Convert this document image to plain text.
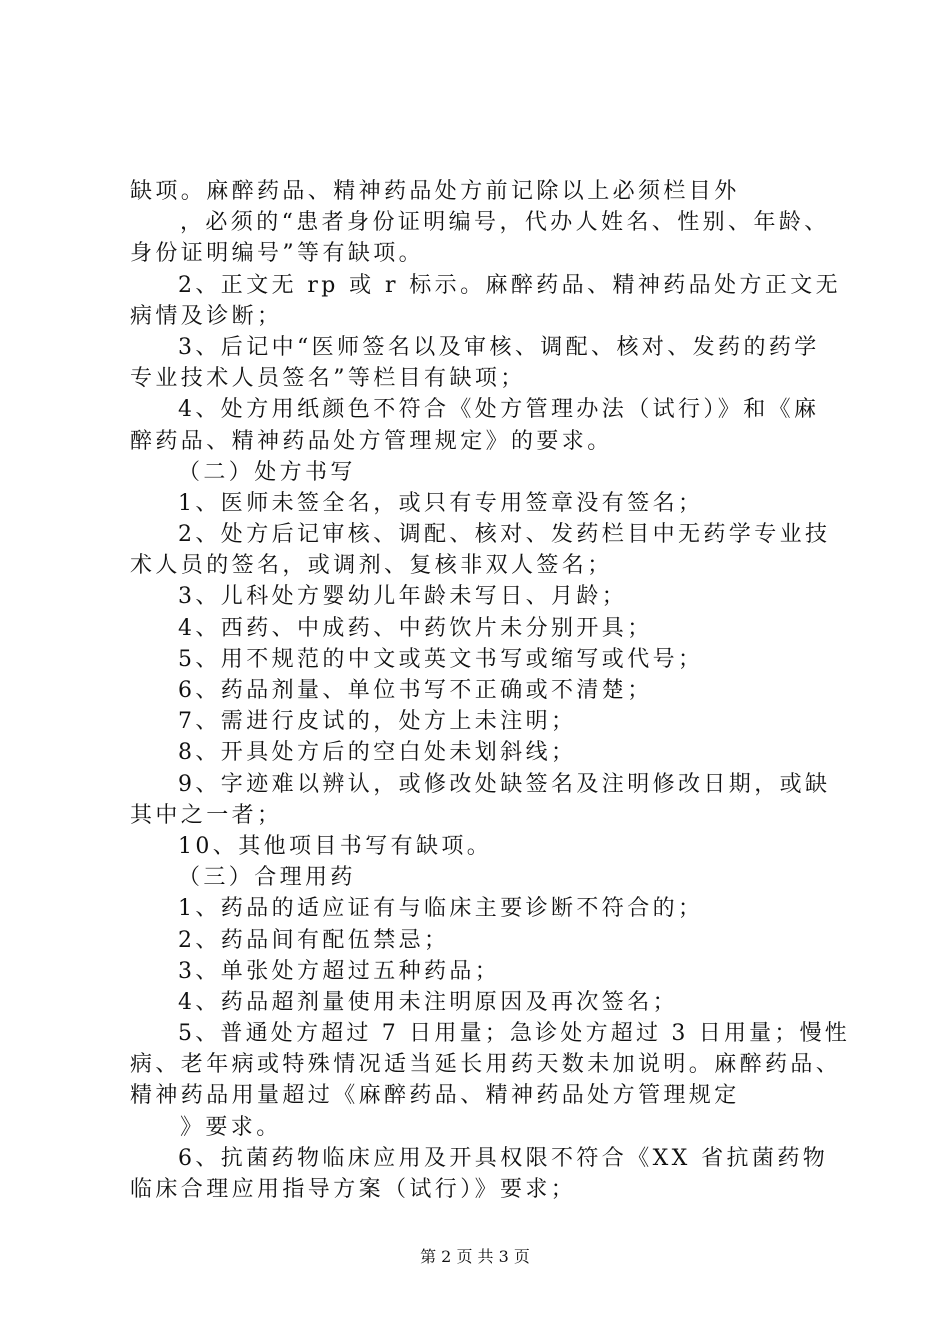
缺项。麻醉药品、精神药品处方前记除以上必须栏目外
，必须的“患者身份证明编号，代办人姓名、性别、年龄、
身份证明编号”等有缺项。
2、正文无 rp 或 r 标示。麻醉药品、精神药品处方正文无
病情及诊断；
3、后记中“医师签名以及审核、调配、核对、发药的药学
专业技术人员签名”等栏目有缺项；
4、处方用纸颜色不符合《处方管理办法（试行）》和《麻
醉药品、精神药品处方管理规定》的要求。
（二）处方书写
1、医师未签全名，或只有专用签章没有签名；
2、处方后记审核、调配、核对、发药栏目中无药学专业技
术人员的签名，或调剂、复核非双人签名；
3、儿科处方婴幼儿年龄未写日、月龄；
4、西药、中成药、中药饮片未分别开具；
5、用不规范的中文或英文书写或缩写或代号；
6、药品剂量、单位书写不正确或不清楚；
7、需进行皮试的，处方上未注明；
8、开具处方后的空白处未划斜线；
9、字迹难以辨认，或修改处缺签名及注明修改日期，或缺
其中之一者；
10、其他项目书写有缺项。
（三）合理用药
1、药品的适应证有与临床主要诊断不符合的；
2、药品间有配伍禁忌；
3、单张处方超过五种药品；
4、药品超剂量使用未注明原因及再次签名；
5、普通处方超过 7 日用量；急诊处方超过 3 日用量；慢性
病、老年病或特殊情况适当延长用药天数未加说明。麻醉药品、
精神药品用量超过《麻醉药品、精神药品处方管理规定
》要求。
6、抗菌药物临床应用及开具权限不符合《XX 省抗菌药物
临床合理应用指导方案（试行）》要求；
第 2 页 共 3 页
